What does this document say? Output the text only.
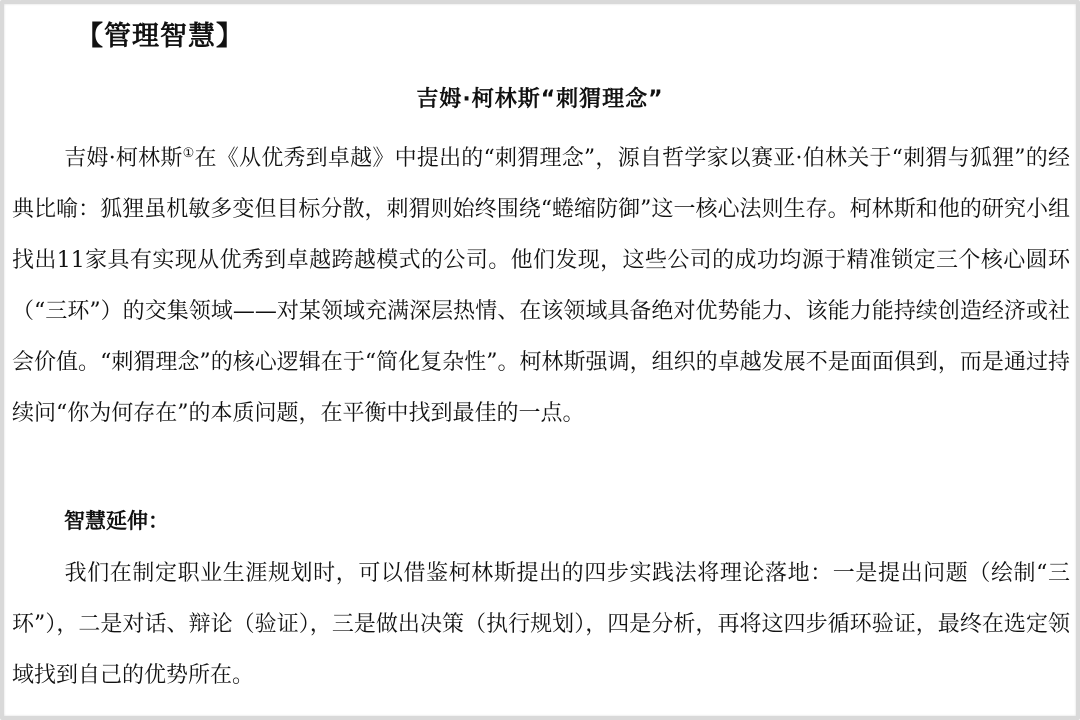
【管理智慧】
吉姆·柯林斯“刺猬理念”
吉姆·柯林斯①在《从优秀到卓越》中提出的“刺猬理念”，源自哲学家以赛亚·伯林关于“刺猬与狐狸”的经典比喻：狐狸虽机敏多变但目标分散，刺猬则始终围绕“蜷缩防御”这一核心法则生存。柯林斯和他的研究小组找出11家具有实现从优秀到卓越跨越模式的公司。他们发现，这些公司的成功均源于精准锁定三个核心圆环（“三环”）的交集领域——对某领域充满深层热情、在该领域具备绝对优势能力、该能力能持续创造经济或社会价值。“刺猬理念”的核心逻辑在于“简化复杂性”。柯林斯强调，组织的卓越发展不是面面俱到，而是通过持续问“你为何存在”的本质问题，在平衡中找到最佳的一点。
智慧延伸：
我们在制定职业生涯规划时，可以借鉴柯林斯提出的四步实践法将理论落地：一是提出问题（绘制“三环”），二是对话、辩论（验证），三是做出决策（执行规划），四是分析，再将这四步循环验证，最终在选定领域找到自己的优势所在。
